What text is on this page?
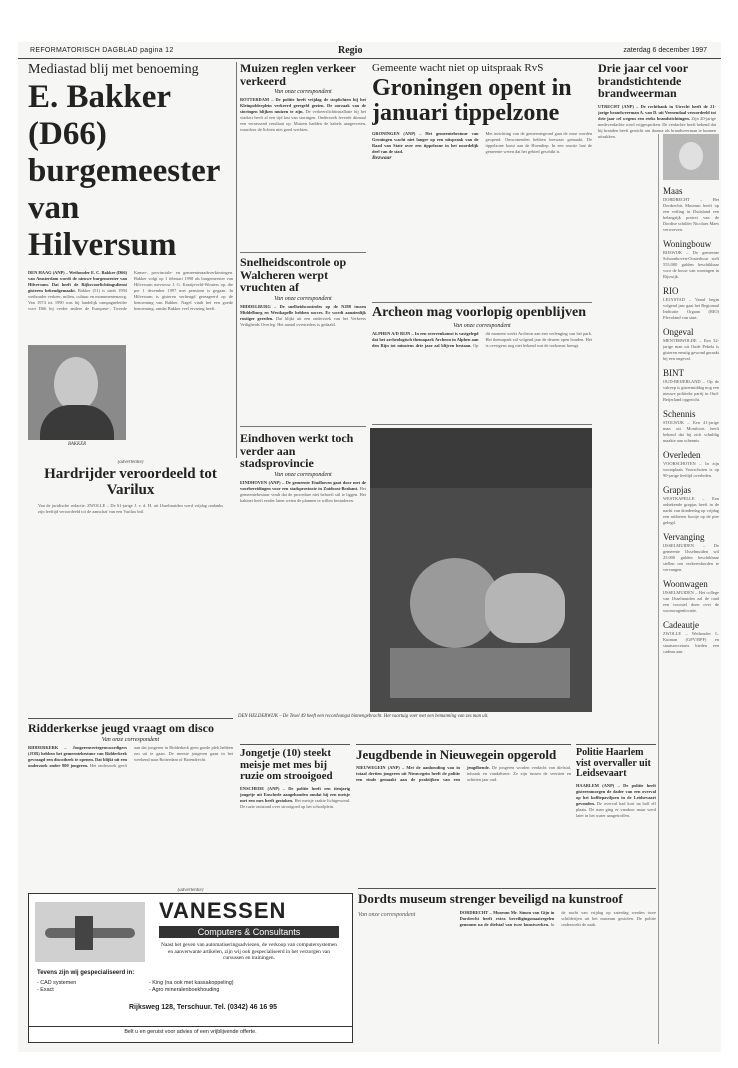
REFORMATORISCH DAGBLAD pagina 12	Regio	zaterdag 6 december 1997
Mediastad blij met benoeming
E. Bakker (D66) burgemeester van Hilversum
DEN HAAG (ANP) – Wethouder E. C. Bakker (D66) van Amsterdam wordt de nieuwe burgemeester van Hilversum. Dat heeft de Rijksvoorlichtingsdienst gisteren bekendgemaakt. Bakker (51) is sinds 1994 wethouder verkeer, milieu, cultuur en monumentenzorg. Van 1974 tot 1990 was hij landelijk campagneleider voor D66 bij verder andere de Europese-, Tweede Kamer-, provinciale- en gemeenteraadsverkiezingen. Bakker volgt op 1 februari 1998 als burgemeester van Hilversum mevrouw J. G. Kraaijeveld-Wouters op, die per 1 december 1997 met pensioen is gegaan. In Hilversum is gisteren verheugd gereageerd op de benoeming van Bakker. Nagel vindt het een goede benoeming, omdat Bakker veel ervaring heeft.
BAKKER
Muizen reglen verkeer verkeerd
Van onze correspondent
ROTTERDAM – De politie heeft vrijdag de stoplichten bij het Kleinpolderplein verkeerd geregeld gezien. De oorzaak van de storingen blijken muizen te zijn. De verkeerslichtinstallatie bij het viaduct heeft al een tijd last van storingen. Onderzoek leverde ditmaal een verrassend resultaat op. Muizen hadden de kabels aangevreten, waardoor de lichten niet goed werkten.
Snelheidscontrole op Walcheren werpt vruchten af
Van onze correspondent
MIDDELBURG – De snelheidscontroles op de N288 tussen Middelburg en Westkapelle hebben succes. Er wordt aanzienlijk rustiger gereden. Dat blijkt uit een onderzoek van het Verkeers Veiligheids Overleg. Het aantal overtreders is gedaald.
Gemeente wacht niet op uitspraak RvS
Groningen opent in januari tippelzone
GRONINGEN (ANP) – Het gemeentebestuur van Groningen wacht niet langer op een uitspraak van de Raad van State over een tippelzone in het noordelijk deel van de stad.
Bezwaar
Met inrichting van de gemeentegrond gaat de zone worden geopend. Omwonenden hebben bezwaar gemaakt. De tippelzone komt aan de Hoendiep. In een reactie laat de gemeente weten dat het gebied geschikt is.
Archeon mag voorlopig openblijven
Van onze correspondent
ALPHEN A/D RIJN – In een overeenkomst is vastgelegd dat het archeologisch themapark Archeon in Alphen aan den Rijn tot minstens drie jaar zal blijven bestaan. Op dit moment werkt Archeon aan een verlenging van het park. Het themapark zal volgend jaar de deuren open houden. Het is overigens nog niet bekend wat de toekomst brengt.
Drie jaar cel voor brandstichtende brandweerman
UTRECHT (ANP) – De rechtbank in Utrecht heeft de 21-jarige brandweerman A. van D. uit Veenendaal veroordeeld tot drie jaar cel wegens een reeks brandstichtingen. Zijn 20-jarige medeverdachte werd vrijgesproken. De verdachte heeft bekend dat hij branden heeft gesticht om daarna als brandweerman te kunnen uitrukken.
(advertentie)
Hardrijder veroordeeld tot Varilux
Van de juridische redactie. ZWOLLE – De 61-jarige J. v. d. H. uit IJsselmuiden werd vrijdag ondanks zijn leeftijd veroordeeld tot de aanschaf van een Varilux bril.
Eindhoven werkt toch verder aan stadsprovincie
Van onze correspondent
EINDHOVEN (ANP) – De gemeente Eindhoven gaat door met de voorbereidingen voor een stadsprovincie in Zuidoost-Brabant. Het gemeentebestuur vindt dat de procedure niet behoeft stil te liggen. Het kabinet heeft eerder laten weten de plannen te willen bestuderen.
DEN HELDERWIJK – De Texel 49 heeft een recordvangst binnengebracht. Het vaartuig voer met een bemanning van zes man uit.
Ridderkerkse jeugd vraagt om disco
Van onze correspondent
RIDDERKERK – Jongerenvertegenwoordigers (JOR) hebben het gemeentebestuur van Ridderkerk gevraagd een discotheek te openen. Dat blijkt uit een onderzoek onder 800 jongeren. Het onderzoek geeft aan dat jongeren in Ridderkerk geen goede plek hebben om uit te gaan. De meeste jongeren gaan in het weekend naar Rotterdam of Barendrecht.
Jongetje (10) steekt meisje met mes bij ruzie om strooigoed
ENSCHEDE (ANP) – De politie heeft een tienjarig jongetje uit Enschede aangehouden omdat hij een meisje met een mes heeft gestoken. Het meisje raakte lichtgewond. De ruzie ontstond over strooigoed op het schoolplein.
Jeugdbende in Nieuwegein opgerold
NIEUWEGEIN (ANP) – Met de aanhouding van in totaal dertien jongeren uit Nieuwegein heeft de politie een einde gemaakt aan de praktijken van een jeugdbende. De jongeren worden verdacht van diefstal, inbraak en vandalisme. Ze zijn tussen de veertien en achttien jaar oud.
Politie Haarlem vist overvaller uit Leidsevaart
HAARLEM (ANP) – De politie heeft gisterenmorgen de dader van een overval op het koffiepaviljoen in de Leidsevaart gevonden. De overval had kort na half elf plaats. De man ging er vandoor maar werd later in het water aangetroffen.
(advertentie)
VANESSEN
Computers & Consultants
Naast het geven van automatiseringsadviezen, de verkoop van computersystemen en aanverwante artikelen, zijn wij ook gespecialiseerd in het verzorgen van cursussen en trainingen.
Tevens zijn wij gespecialiseerd in:
- CAD systemen
- Exact
- King (na ook met kassakoppeling)
- Agro mineralenboekhouding
Rijksweg 128, Terschuur. Tel. (0342) 46 16 95
Belt u en geruist voor advies of een vrijblijvende offerte.
Dordts museum strenger beveiligd na kunstroof
Van onze correspondent	DORDRECHT – Museum Mr. Simon van Gijn in Dordrecht heeft extra beveiligingsmaatregelen genomen na de diefstal van twee kunstwerken. In de nacht van vrijdag op zaterdag werden twee schilderijen uit het museum gestolen. De politie onderzoekt de zaak.
Maas

DORDRECHT – Het Dordrechts Museum heeft op een veiling in Duitsland een belangrijk portret van de Dordtse schilder Nicolaes Maes verworven.

Woningbouw

RIJSWIJK – De gemeente Schoonhoven-Oosterhout stelt 553.000 gulden beschikbaar voor de bouw van woningen in Rijswijk.

RIO

LELYSTAD – Vanaf begin volgend jaar gaat het Regionaal Indicatie Orgaan (RIO) Flevoland van start.

Ongeval

MENTERWOLDE – Een 32-jarige man uit Oude Pekela is gisteren ernstig gewond geraakt bij een ongeval.

BINT

OUD-BEIJERLAND – Op de valreep is gistermiddag nog een nieuwe politieke partij in Oud-Beijerland opgericht.

Schennis

STOLWIJK – Een 41-jarige man uit Montfoort heeft bekend dat hij zich schuldig maakte aan schennis.

Overleden

VOORSCHOTEN – In zijn woonplaats Voorschoten is op 90-jarige leeftijd overleden.

Grapjas

WESTKAPELLE – Een onbekende grapjas heeft in de nacht van donderdag op vrijdag een rubberen bootje op de pier gelegd.

Vervanging

IJSSELMUIDEN – De gemeente IJsselmuiden wil 25.000 gulden beschikbaar stellen om verkeersborden te vervangen.

Woonwagen

IJSSELMUIDEN – Het college van IJsselmuiden zal de raad een voorstel doen over de woonwagenlocatie.

Cadeautje

ZWOLLE – Wethouder L. Kuiman (GPV/RPF) en staatssecretaris bieden een cadeau aan.
